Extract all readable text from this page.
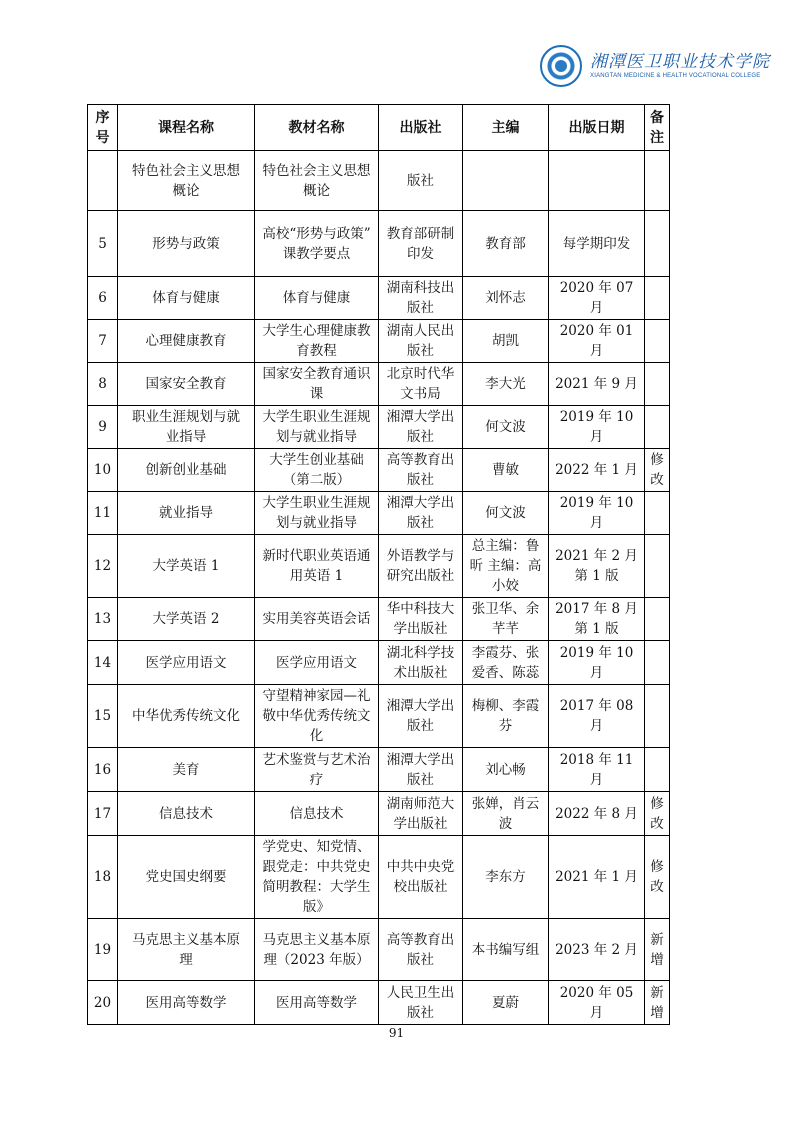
湘潭医卫职业技术学院
XIANGTAN MEDICINE & HEALTH VOCATIONAL COLLEGE
序
号	课程名称	教材名称	出版社	主编	出版日期	备
注
	特色社会主义思想
概论	特色社会主义思想
概论	版社			
5	形势与政策	高校“形势与政策”
课教学要点	教育部研制
印发	教育部	每学期印发	
6	体育与健康	体育与健康	湖南科技出
版社	刘怀志	2020 年 07 月	
7	心理健康教育	大学生心理健康教
育教程	湖南人民出
版社	胡凯	2020 年 01 月	
8	国家安全教育	国家安全教育通识
课	北京时代华
文书局	李大光	2021 年 9 月	
9	职业生涯规划与就
业指导	大学生职业生涯规
划与就业指导	湘潭大学出
版社	何文波	2019 年 10 月	
10	创新创业基础	大学生创业基础
（第二版）	高等教育出
版社	曹敏	2022 年 1 月	修
改
11	就业指导	大学生职业生涯规
划与就业指导	湘潭大学出
版社	何文波	2019 年 10 月	
12	大学英语 1	新时代职业英语通
用英语 1	外语教学与
研究出版社	总主编：鲁
昕 主编：高
小姣	2021 年 2 月
第 1 版	
13	大学英语 2	实用美容英语会话	华中科技大
学出版社	张卫华、余
芊芊	2017 年 8 月
第 1 版	
14	医学应用语文	医学应用语文	湖北科学技
术出版社	李霞芬、张
爱香、陈蕊	2019 年 10 月	
15	中华优秀传统文化	守望精神家园—礼
敬中华优秀传统文
化	湘潭大学出
版社	梅柳、李霞
芬	2017 年 08 月	
16	美育	艺术鉴赏与艺术治
疗	湘潭大学出
版社	刘心畅	2018 年 11 月	
17	信息技术	信息技术	湖南师范大
学出版社	张婵，肖云
波	2022 年 8 月	修
改
18	党史国史纲要	学党史、知党情、
跟党走：中共党史
简明教程：大学生
版》	中共中央党
校出版社	李东方	2021 年 1 月	修
改
19	马克思主义基本原
理	马克思主义基本原
理（2023 年版）	高等教育出
版社	本书编写组	2023 年 2 月	新
增
20	医用高等数学	医用高等数学	人民卫生出
版社	夏蔚	2020 年 05 月	新
增
91
